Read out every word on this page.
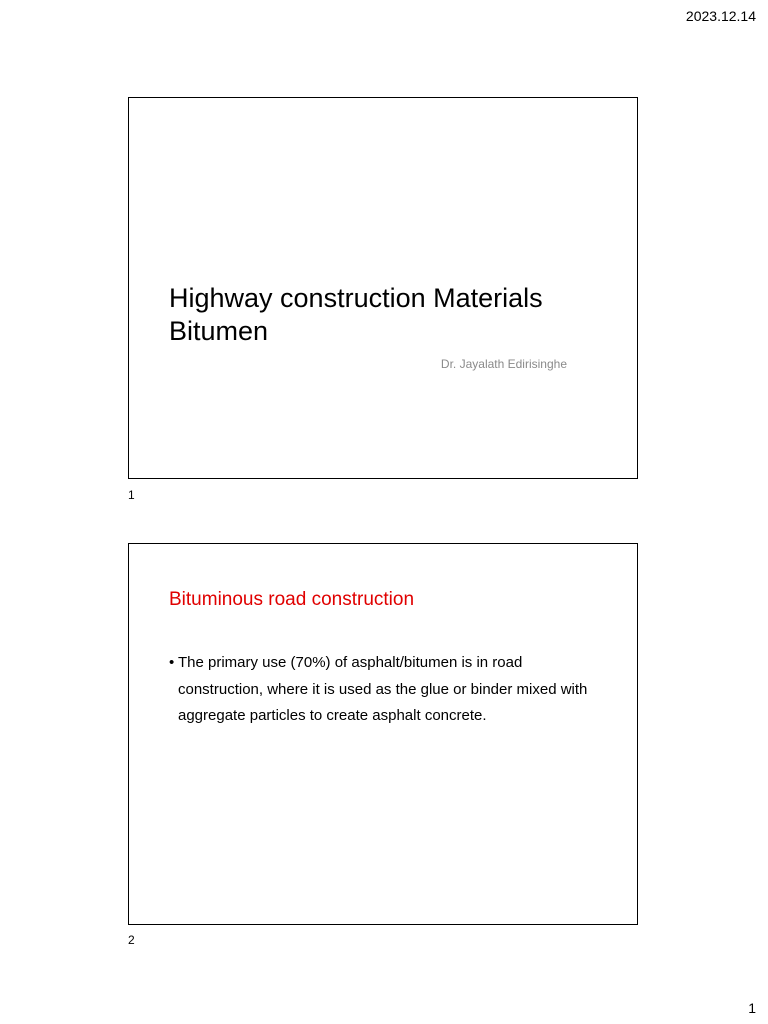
2023.12.14
Highway construction Materials
Bitumen
Dr. Jayalath Edirisinghe
1
Bituminous road construction
• The primary use (70%) of asphalt/bitumen is in road construction, where it is used as the glue or binder mixed with aggregate particles to create asphalt concrete.
2
1
